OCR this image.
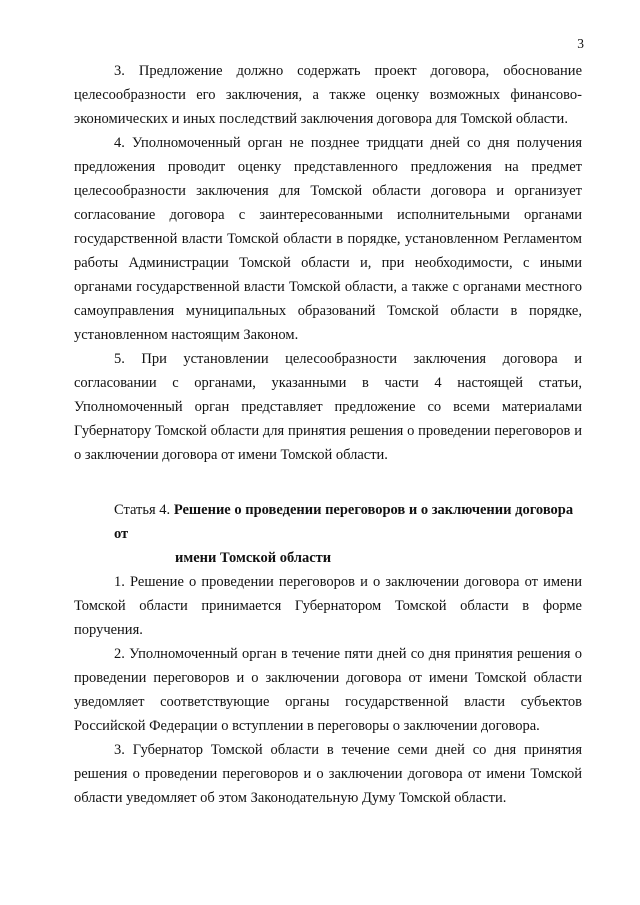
3

3. Предложение должно содержать проект договора, обоснование целесообразности его заключения, а также оценку возможных финансово-экономических и иных последствий заключения договора для Томской области.

4. Уполномоченный орган не позднее тридцати дней со дня получения предложения проводит оценку представленного предложения на предмет целесообразности заключения для Томской области договора и организует согласование договора с заинтересованными исполнительными органами государственной власти Томской области в порядке, установленном Регламентом работы Администрации Томской области и, при необходимости, с иными органами государственной власти Томской области, а также с органами местного самоуправления муниципальных образований Томской области в порядке, установленном настоящим Законом.

5. При установлении целесообразности заключения договора и согласовании с органами, указанными в части 4 настоящей статьи, Уполномоченный орган представляет предложение со всеми материалами Губернатору Томской области для принятия решения о проведении переговоров и о заключении договора от имени Томской области.

Статья 4. Решение о проведении переговоров и о заключении договора от

имени Томской области

1. Решение о проведении переговоров и о заключении договора от имени Томской области принимается Губернатором Томской области в форме поручения.

2. Уполномоченный орган в течение пяти дней со дня принятия решения о проведении переговоров и о заключении договора от имени Томской области уведомляет соответствующие органы государственной власти субъектов Российской Федерации о вступлении в переговоры о заключении договора.

3. Губернатор Томской области в течение семи дней со дня принятия решения о проведении переговоров и о заключении договора от имени Томской области уведомляет об этом Законодательную Думу Томской области.
